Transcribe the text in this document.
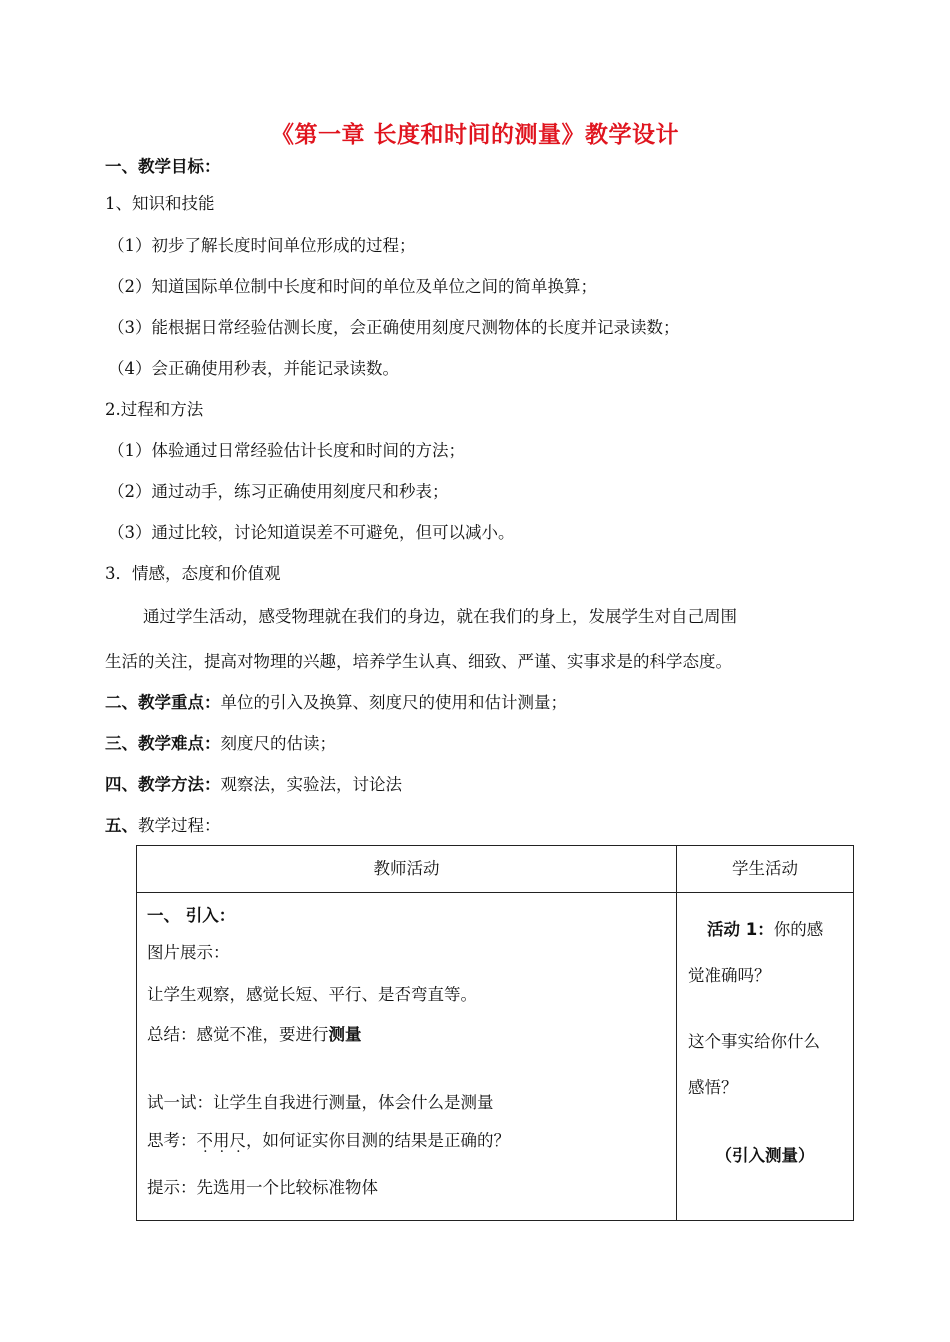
《第一章 长度和时间的测量》教学设计
一、教学目标：
1、知识和技能
（1）初步了解长度时间单位形成的过程；
（2）知道国际单位制中长度和时间的单位及单位之间的简单换算；
（3）能根据日常经验估测长度，会正确使用刻度尺测物体的长度并记录读数；
（4）会正确使用秒表，并能记录读数。
2.过程和方法
（1）体验通过日常经验估计长度和时间的方法；
（2）通过动手，练习正确使用刻度尺和秒表；
（3）通过比较，讨论知道误差不可避免，但可以减小。
3．情感，态度和价值观
通过学生活动，感受物理就在我们的身边，就在我们的身上，发展学生对自己周围
生活的关注，提高对物理的兴趣，培养学生认真、细致、严谨、实事求是的科学态度。
二、教学重点：单位的引入及换算、刻度尺的使用和估计测量；
三、教学难点：刻度尺的估读；
四、教学方法：观察法，实验法，讨论法
五、教学过程：
教师活动	学生活动
一、 引入：
图片展示：
让学生观察，感觉长短、平行、是否弯直等。
总结：感觉不准，要进行测量
试一试：让学生自我进行测量，体会什么是测量
思考：不用尺，如何证实你目测的结果是正确的？
提示：先选用一个比较标准物体
活动 1：你的感
觉准确吗？
这个事实给你什么
感悟？
（引入测量）
